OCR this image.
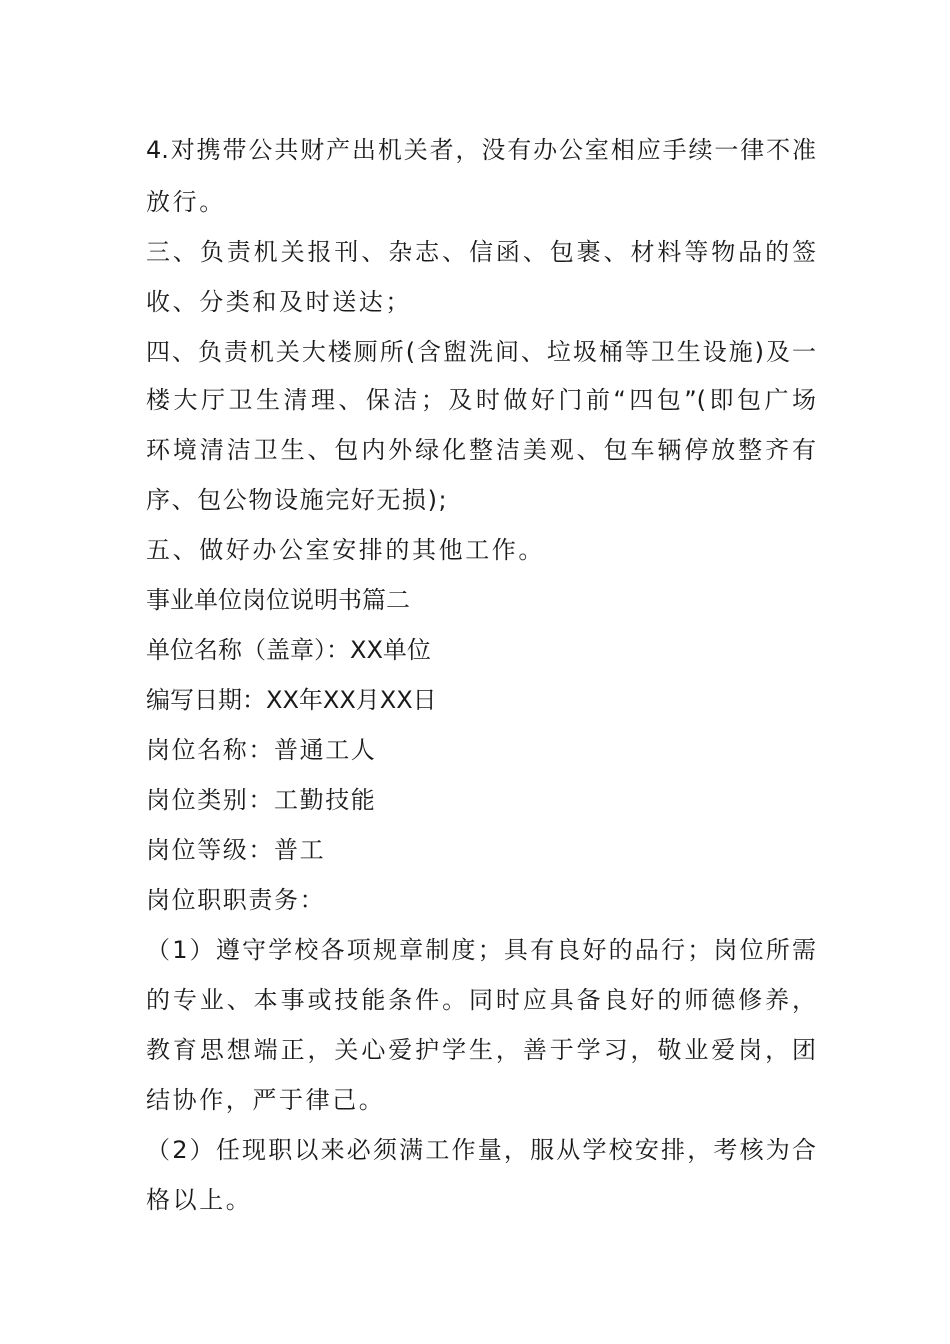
4.对携带公共财产出机关者，没有办公室相应手续一律不准
放行。
三、负责机关报刊、杂志、信函、包裹、材料等物品的签
收、分类和及时送达；
四、负责机关大楼厕所(含盥洗间、垃圾桶等卫生设施)及一
楼大厅卫生清理、保洁；及时做好门前“四包”(即包广场
环境清洁卫生、包内外绿化整洁美观、包车辆停放整齐有
序、包公物设施完好无损);
五、做好办公室安排的其他工作。
事业单位岗位说明书篇二
单位名称（盖章）：XX单位
编写日期：XX年XX月XX日
岗位名称：普通工人
岗位类别：工勤技能
岗位等级：普工
岗位职职责务：
（1）遵守学校各项规章制度；具有良好的品行；岗位所需
的专业、本事或技能条件。同时应具备良好的师德修养，
教育思想端正，关心爱护学生，善于学习，敬业爱岗，团
结协作，严于律己。
（2）任现职以来必须满工作量，服从学校安排，考核为合
格以上。
